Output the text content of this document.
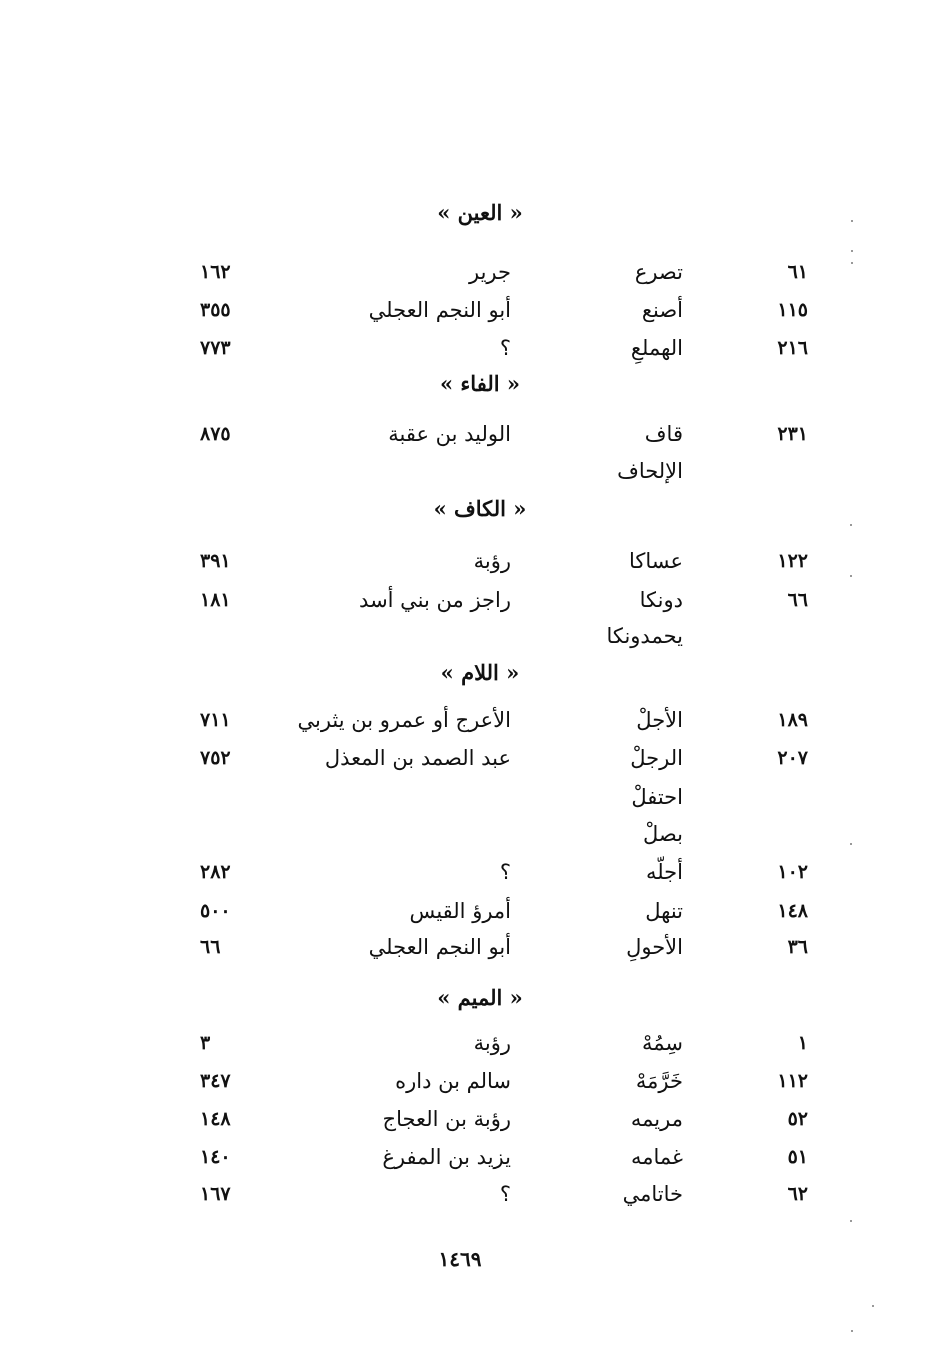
« العين »
٦١
تصرع
جرير
١٦٢
١١٥
أصنع
أبو النجم العجلي
٣٥٥
٢١٦
الهملعِ
؟
٧٧٣
« الفاء »
٢٣١
قاف
الوليد بن عقبة
٨٧٥
الإلحاف
« الكاف »
١٢٢
عساكا
رؤبة
٣٩١
٦٦
دونكا
راجز من بني أسد
١٨١
يحمدونكا
« اللام »
١٨٩
الأجلْ
الأعرج أو عمرو بن يثربي
٧١١
٢٠٧
الرجلْ
عبد الصمد بن المعذل
٧٥٢
احتفلْ
بصلْ
١٠٢
أجلّه
؟
٢٨٢
١٤٨
تنهل
أمرؤ القيس
٥٠٠
٣٦
الأحولِ
أبو النجم العجلي
٦٦
« الميم »
١
سِمُهْ
رؤبة
٣
١١٢
خَرَّمَهْ
سالم بن داره
٣٤٧
٥٢
مريمه
رؤبة بن العجاج
١٤٨
٥١
غمامه
يزيد بن المفرغ
١٤٠
٦٢
خاتامي
؟
١٦٧
١٤٦٩
